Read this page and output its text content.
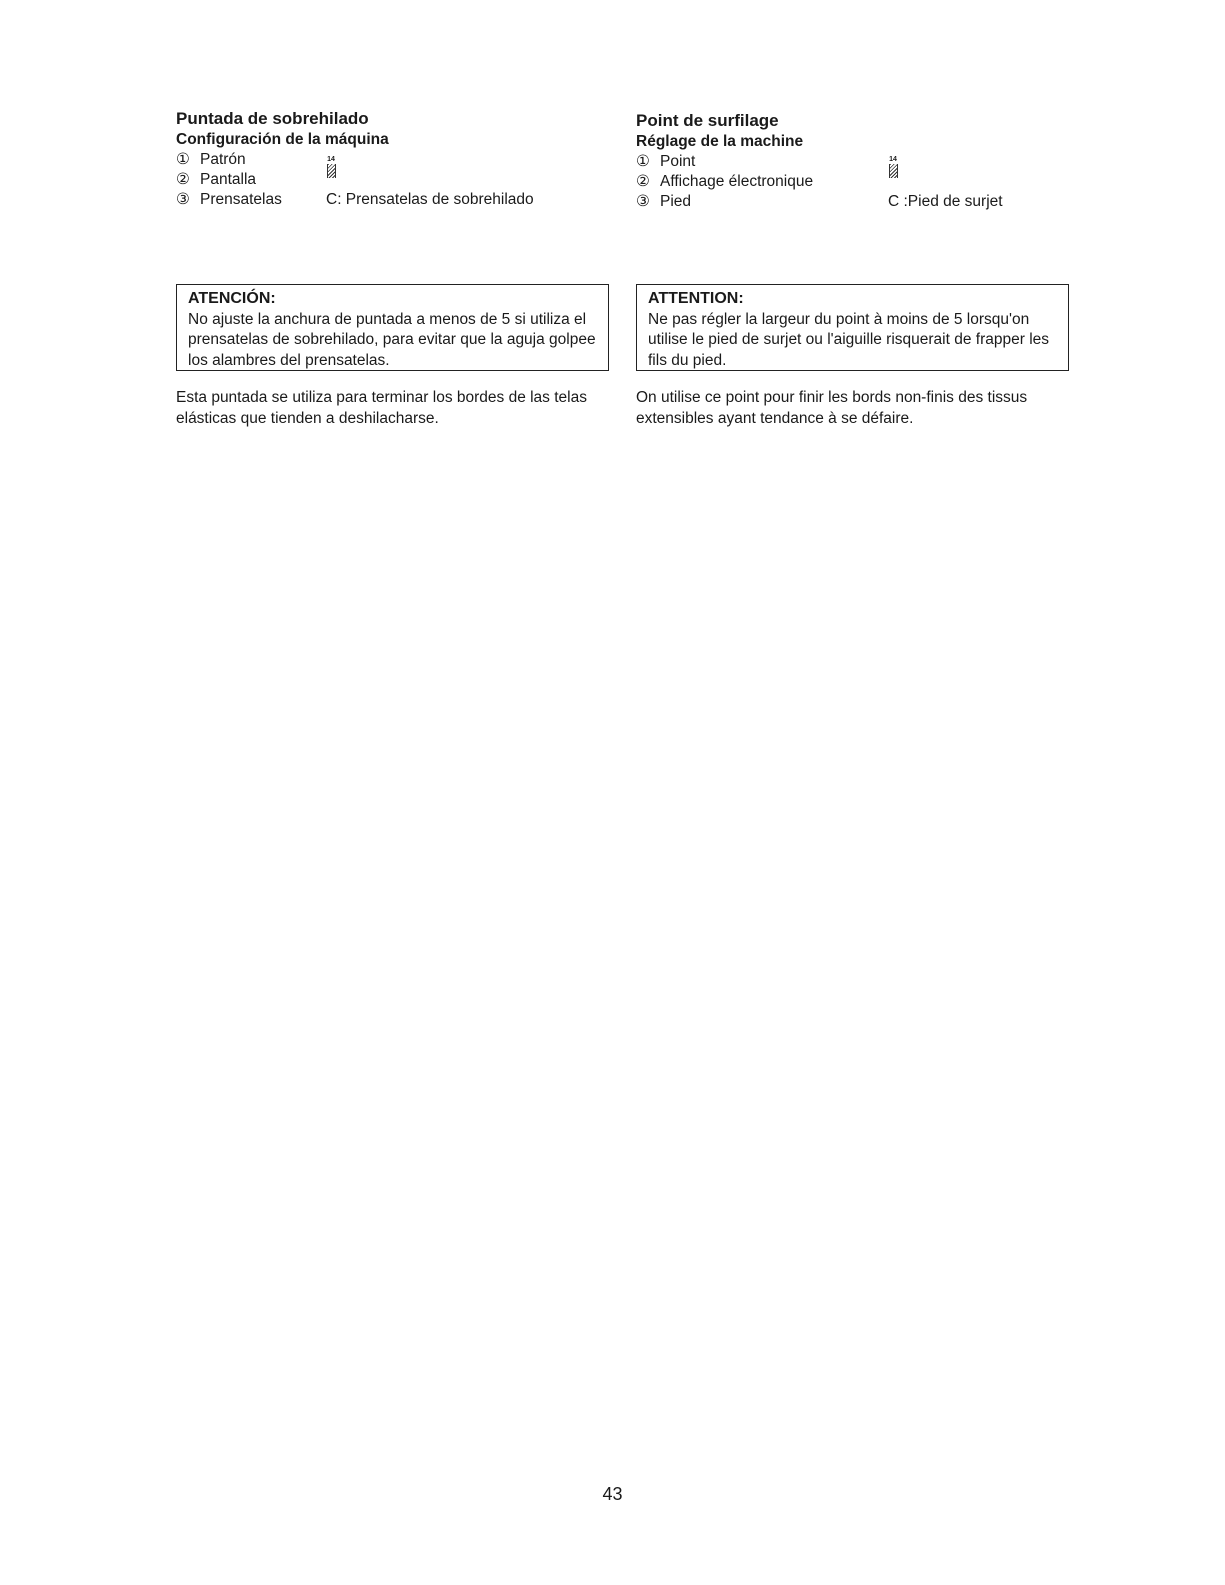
Puntada de sobrehilado
Configuración de la máquina
① Patrón
② Pantalla
③ Prensatelas	C: Prensatelas de sobrehilado
14
ATENCIÓN:
No ajuste la anchura de puntada a menos de 5 si utiliza el prensatelas de sobrehilado, para evitar que la aguja golpee los alambres del prensatelas.
Esta puntada se utiliza para terminar los bordes de las telas elásticas que tienden a deshilacharse.
Point de surfilage
Réglage de la machine
① Point
② Affichage électronique
③ Pied	C :Pied de surjet
14
ATTENTION:
Ne pas régler la largeur du point à moins de 5 lorsqu'on utilise le pied de surjet ou l'aiguille risquerait de frapper les fils du pied.
On utilise ce point pour finir les bords non-finis des tissus extensibles ayant tendance à se défaire.
43
